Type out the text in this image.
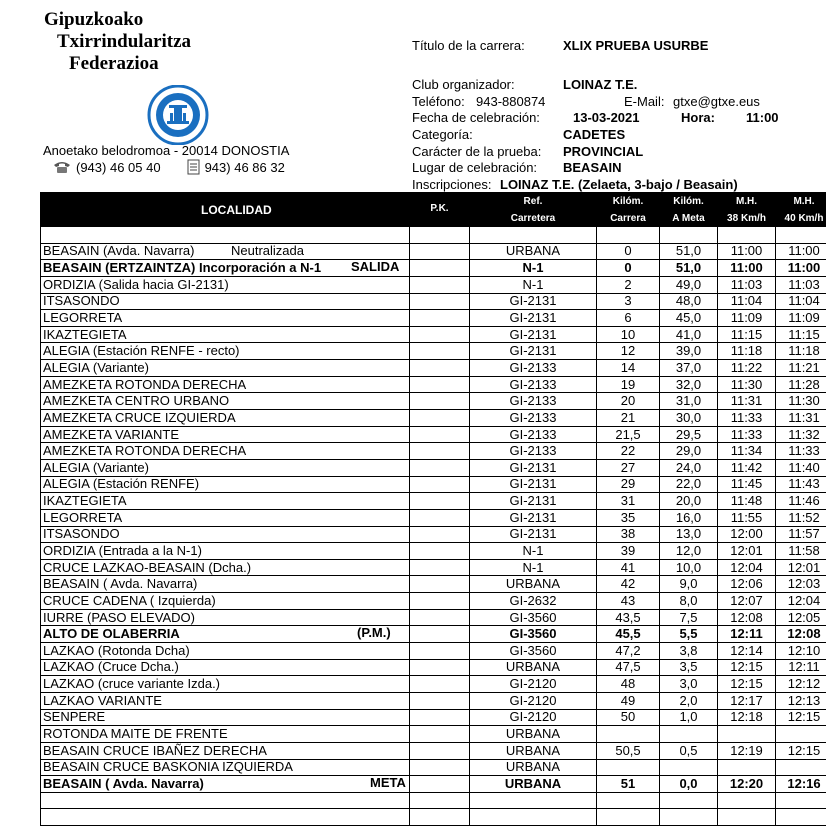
Gipuzkoako
Txirrindularitza
Federazioa
Anoetako belodromoa - 20014 DONOSTIA
(943) 46 05 40	943) 46 86 32
Título de la carrera:	XLIX PRUEBA USURBE
Club organizador:	LOINAZ T.E.
Teléfono: 943-880874	E-Mail: gtxe@gtxe.eus
Fecha de celebración:	13-03-2021	Hora: 11:00
Categoría:	CADETES
Carácter de la prueba: PROVINCIAL
Lugar de celebración: BEASAIN
Inscripciones: LOINAZ T.E. (Zelaeta, 3-bajo / Beasain)
LOCALIDAD	P.K.	Ref.	Kilóm.	Kilóm.	M.H.	M.H.
		Carretera	Carrera	A Meta	38 Km/h	40 Km/h

BEASAIN (Avda. Navarra) Neutralizada		URBANA	0	51,0	11:00	11:00
BEASAIN (ERTZAINTZA) Incorporación a N-1 SALIDA		N-1	0	51,0	11:00	11:00
ORDIZIA (Salida hacia GI-2131)		N-1	2	49,0	11:03	11:03
ITSASONDO		GI-2131	3	48,0	11:04	11:04
LEGORRETA		GI-2131	6	45,0	11:09	11:09
IKAZTEGIETA		GI-2131	10	41,0	11:15	11:15
ALEGIA (Estación RENFE - recto)		GI-2131	12	39,0	11:18	11:18
ALEGIA (Variante)		GI-2133	14	37,0	11:22	11:21
AMEZKETA ROTONDA DERECHA		GI-2133	19	32,0	11:30	11:28
AMEZKETA CENTRO URBANO		GI-2133	20	31,0	11:31	11:30
AMEZKETA CRUCE IZQUIERDA		GI-2133	21	30,0	11:33	11:31
AMEZKETA VARIANTE		GI-2133	21,5	29,5	11:33	11:32
AMEZKETA ROTONDA DERECHA		GI-2133	22	29,0	11:34	11:33
ALEGIA (Variante)		GI-2131	27	24,0	11:42	11:40
ALEGIA (Estación RENFE)		GI-2131	29	22,0	11:45	11:43
IKAZTEGIETA		GI-2131	31	20,0	11:48	11:46
LEGORRETA		GI-2131	35	16,0	11:55	11:52
ITSASONDO		GI-2131	38	13,0	12:00	11:57
ORDIZIA (Entrada a la N-1)		N-1	39	12,0	12:01	11:58
CRUCE LAZKAO-BEASAIN (Dcha.)		N-1	41	10,0	12:04	12:01
BEASAIN ( Avda. Navarra)		URBANA	42	9,0	12:06	12:03
CRUCE CADENA ( Izquierda)		GI-2632	43	8,0	12:07	12:04
IURRE (PASO ELEVADO)		GI-3560	43,5	7,5	12:08	12:05
ALTO DE OLABERRIA (P.M.)		GI-3560	45,5	5,5	12:11	12:08
LAZKAO (Rotonda Dcha)		GI-3560	47,2	3,8	12:14	12:10
LAZKAO (Cruce Dcha.)		URBANA	47,5	3,5	12:15	12:11
LAZKAO (cruce variante Izda.)		GI-2120	48	3,0	12:15	12:12
LAZKAO VARIANTE		GI-2120	49	2,0	12:17	12:13
SENPERE		GI-2120	50	1,0	12:18	12:15
ROTONDA MAITE DE FRENTE		URBANA				
BEASAIN CRUCE IBAÑEZ DERECHA		URBANA	50,5	0,5	12:19	12:15
BEASAIN CRUCE BASKONIA IZQUIERDA		URBANA				
BEASAIN ( Avda. Navarra) META		URBANA	51	0,0	12:20	12:16
